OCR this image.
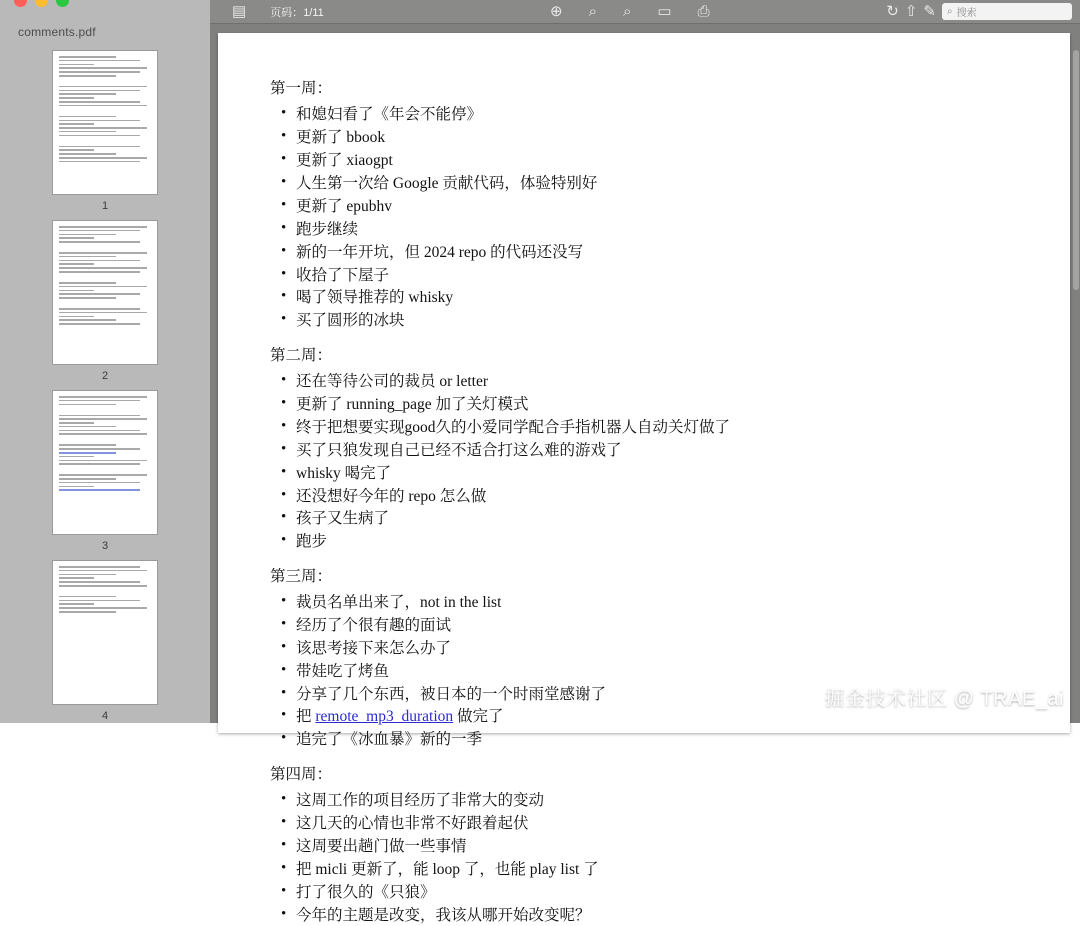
comments.pdf
1
2
3
4
▤ 页码：1/11	⊕ ⌕ ⌕ ▭ ⎙	↻ ⇧ ✎ ⌕ 搜索

第一周：

• 和媳妇看了《年会不能停》
• 更新了 bbook
• 更新了 xiaogpt
• 人生第一次给 Google 贡献代码，体验特别好
• 更新了 epubhv
• 跑步继续
• 新的一年开坑，但 2024 repo 的代码还没写
• 收拾了下屋子
• 喝了领导推荐的 whisky
• 买了圆形的冰块

第二周：

• 还在等待公司的裁员 or letter
• 更新了 running_page 加了关灯模式
• 终于把想要实现good久的小爱同学配合手指机器人自动关灯做了
• 买了只狼发现自己已经不适合打这么难的游戏了
• whisky 喝完了
• 还没想好今年的 repo 怎么做
• 孩子又生病了
• 跑步

第三周：

• 裁员名单出来了，not in the list
• 经历了个很有趣的面试
• 该思考接下来怎么办了
• 带娃吃了烤鱼
• 分享了几个东西，被日本的一个时雨堂感谢了
• 把 remote_mp3_duration 做完了
• 追完了《冰血暴》新的一季

第四周：

• 这周工作的项目经历了非常大的变动
• 这几天的心情也非常不好跟着起伏
• 这周要出趟门做一些事情
• 把 micli 更新了，能 loop 了，也能 play list 了
• 打了很久的《只狼》
• 今年的主题是改变，我该从哪开始改变呢？
掘金技术社区 @ TRAE_ai
